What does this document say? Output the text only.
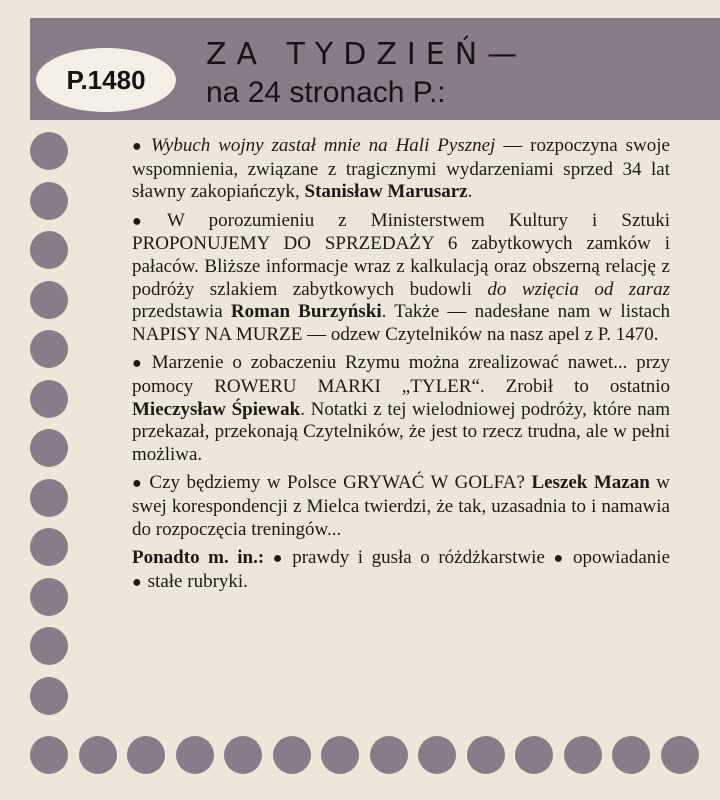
P.1480
ZA TYDZIEŃ—
na 24 stronach P.:
● Wybuch wojny zastał mnie na Hali Pysznej — rozpoczyna swoje wspomnienia, związane z tragicznymi wydarzeniami sprzed 34 lat sławny zakopiańczyk, Stanisław Marusarz.
● W porozumieniu z Ministerstwem Kultury i Sztuki PROPONUJEMY DO SPRZEDAŻY 6 zabytkowych zamków i pałaców. Bliższe informacje wraz z kalkulacją oraz obszerną relację z podróży szlakiem zabytkowych budowli do wzięcia od zaraz przedstawia Roman Burzyński. Także — nadesłane nam w listach NAPISY NA MURZE — odzew Czytelników na nasz apel z P. 1470.
● Marzenie o zobaczeniu Rzymu można zrealizować nawet... przy pomocy ROWERU MARKI „TYLER“. Zrobił to ostatnio Mieczysław Śpiewak. Notatki z tej wielodniowej podróży, które nam przekazał, przekonają Czytelników, że jest to rzecz trudna, ale w pełni możliwa.
● Czy będziemy w Polsce GRYWAĆ W GOLFA? Leszek Mazan w swej korespondencji z Mielca twierdzi, że tak, uzasadnia to i namawia do rozpoczęcia treningów...
Ponadto m. in.: ● prawdy i gusła o różdżkarstwie ● opowiadanie ● stałe rubryki.
